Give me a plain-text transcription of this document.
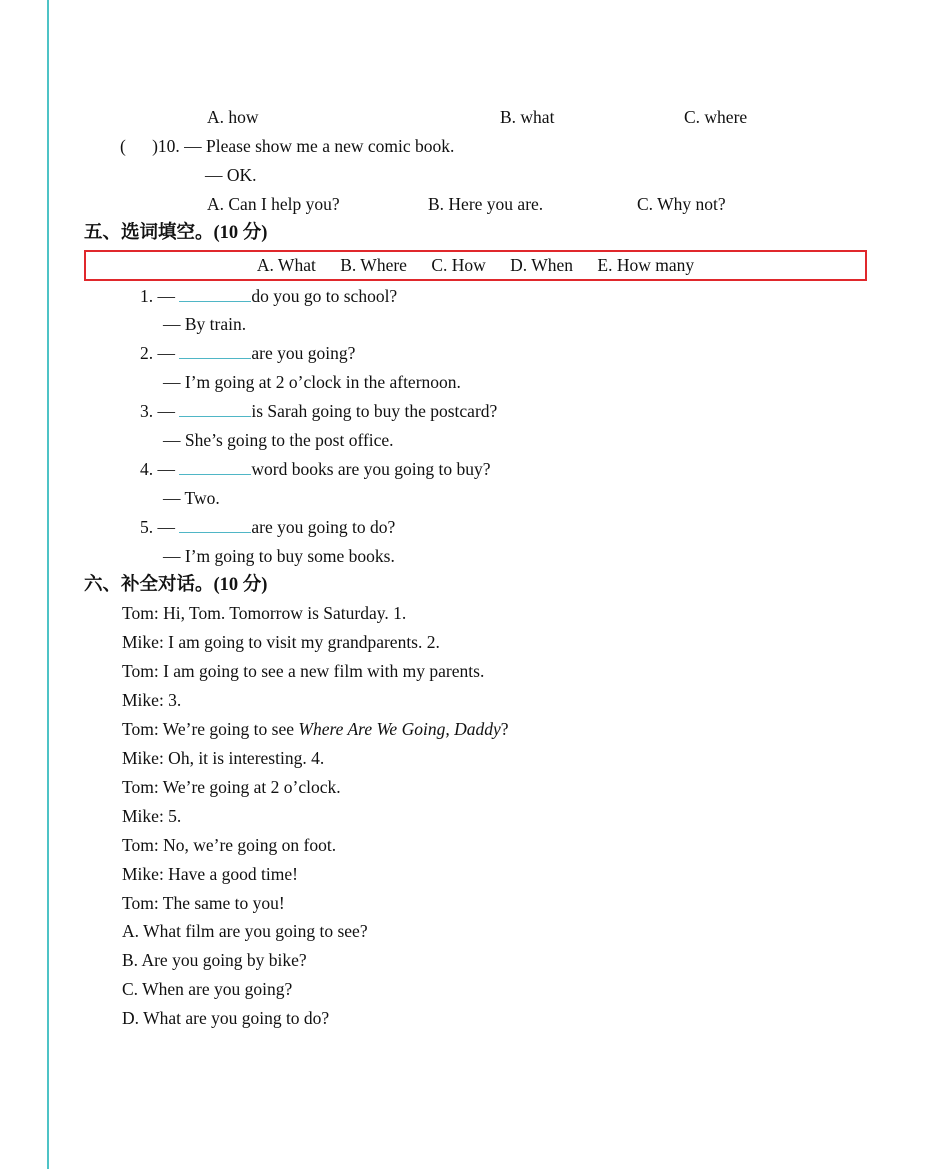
A. how	B. what	C. where
(      )10. — Please show me a new comic book.
— OK.
A. Can I help you?	B. Here you are.	C. Why not?
五、选词填空。(10 分)
A. What B. Where C. How D. When E. How many
1. —	do you go to school?
— By train.
2. —	are you going?
— I’m going at 2 o’clock in the afternoon.
3. —	is Sarah going to buy the postcard?
— She’s going to the post office.
4. —	word books are you going to buy?
— Two.
5. —	are you going to do?
— I’m going to buy some books.
六、补全对话。(10 分)
Tom: Hi, Tom. Tomorrow is Saturday. 1.
Mike: I am going to visit my grandparents. 2.
Tom: I am going to see a new film with my parents.
Mike: 3.
Tom: We’re going to see Where Are We Going, Daddy?
Mike: Oh, it is interesting. 4.
Tom: We’re going at 2 o’clock.
Mike: 5.
Tom: No, we’re going on foot.
Mike: Have a good time!
Tom: The same to you!
A. What film are you going to see?
B. Are you going by bike?
C. When are you going?
D. What are you going to do?
